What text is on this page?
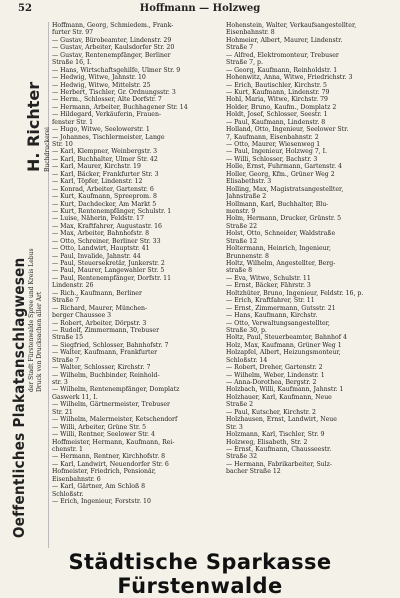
52	Hoffmann — Holzweg
Oeffentliches Plakatanschlagwesen der Stadt Fürstenwalde Spree und Kreis Lebus Druck von Drucksachen aller Art
H. Richter Buchdruckerei
Hoffmann, Georg, Schmiedem., Frank-
furter Str. 97
— Gustav, Bürobeamter, Lindenstr. 29
— Gustav, Arbeiter, Kaulsdorfer Str. 20
— Gustav, Rentenempfänger, Berliner
Straße 16, I.
— Hans, Wirtschaftsgehilfe, Ulmer Str. 9
— Hedwig, Witwe, Jahnstr. 10
— Hedwig, Witwe, Mittelstr. 25
— Herbert, Tischler, Gr. Ordnungsstr. 3
— Herm., Schlosser, Alte Dorfstr. 7
— Hermann, Arbeiter, Buchhagener Str. 14
— Hildegard, Verkäuferin, Frauen-
fenster Str. 1
— Hugo, Witwe, Seelowerstr. 1
— Johannes, Tischlermeister, Lange
Str. 10
— Karl, Klempner, Weinbergstr. 3
— Karl, Buchhalter, Ulmer Str. 42
— Karl, Maurer, Kirchstr. 19
— Karl, Bäcker, Frankfurter Str. 3
— Karl, Töpfer, Lindenstr. 12
— Konrad, Arbeiter, Gartenstr. 6
— Kurt, Kaufmann, Spreeprom. 8
— Kurt, Dachdecker, Am Markt 5
— Kurt, Rentenempfänger, Schulstr. 1
— Luise, Näherin, Feldstr. 17
— Max, Kraftfahrer, Augustastr. 16
— Max, Arbeiter, Bahnhofstr. 8
— Otto, Schreiner, Berliner Str. 33
— Otto, Landwirt, Hauptstr. 41
— Paul, Invalide, Jahnstr. 44
— Paul, Steuersekretär, Junkerstr. 2
— Paul, Maurer, Langewahler Str. 5
— Paul, Rentenempfänger, Dorfstr. 11
Lindenstr. 26
— Rich., Kaufmann, Berliner
Straße 7
— Richard, Maurer, München-
berger Chaussee 3
— Robert, Arbeiter, Dörpstr. 3
— Rudolf, Zimmermann, Trebuser
Straße 15
— Siegfried, Schlosser, Bahnhofstr. 7
— Walter, Kaufmann, Frankfurter
Straße 7
— Walter, Schlosser, Kirchstr. 7
— Wilhelm, Buchbinder, Reinhold-
str. 3
— Wilhelm, Rentenempfänger, Domplatz
Gaswerk 11, I.
— Wilhelm, Gärtnermeister, Trebuser
Str. 21
— Wilhelm, Malermeister, Ketschendorf
— Willi, Arbeiter, Grüne Str. 5
— Willi, Rentner, Seelower Str. 4
Hoffmeister, Hermann, Kaufmann, Rei-
chenstr. 1
— Hermann, Rentner, Kirchhofstr. 8
— Karl, Landwirt, Neuendorfer Str. 6
Hofmeister, Friedrich, Pensionär,
Eisenbahnstr. 6
— Karl, Gärtner, Am Schloß 8
Schloßstr.
— Erich, Ingenieur, Forststr. 10
Hohenstein, Walter, Verkaufsangestellter,
Eisenbahnstr. 8
Hohmeier, Albert, Maurer, Lindenstr.
Straße 7
— Alfred, Elektromonteur, Trebuser
Straße 7, p.
— Georg, Kaufmann, Reinholdstr. 1
Hohenwitz, Anna, Witwe, Friedrichstr. 3
— Erich, Bautischler, Kirchstr. 5
— Kurt, Kaufmann, Lindenstr. 79
Hohl, Maria, Witwe, Kirchstr. 79
Holder, Bruno, Kaufm., Domplatz 2
Holdt, Josef, Schlosser, Seestr. 1
— Paul, Kaufmann, Lindenstr. 8
Holland, Otto, Ingenieur, Seelower Str.
7, Kaufmann, Eisenbahnstr. 2
— Otto, Maurer, Wiesenweg 1
— Paul, Ingenieur, Holzweg 7, I.
— Willi, Schlosser, Bachstr. 3
Holle, Ernst, Fuhrmann, Gartenstr. 4
Holler, Georg, Kfm., Grüner Weg 2
Elisabethstr. 3
Holling, Max, Magistratsangestellter,
Jahnstraße 2
Hollmann, Karl, Buchhalter, Blu-
menstr. 9
Holm, Hermann, Drucker, Grünstr. 5
Straße 22
Holst, Otto, Schneider, Waldstraße
Straße 12
Holtermann, Heinrich, Ingenieur,
Brunnenstr. 8
Holtz, Wilhelm, Angestellter, Berg-
straße 8
— Eva, Witwe, Schulstr. 11
— Ernst, Bäcker, Fährstr. 3
Holtzhüter, Bruno, Ingenieur, Feldstr. 16, p.
— Erich, Kraftfahrer, Str. 11
— Ernst, Zimmermann, Gutsstr. 21
— Hans, Kaufmann, Kirchstr.
— Otto, Verwaltungsangestellter,
Straße 30, p.
Holtz, Paul, Steuerbeamter, Bahnhof 4
Holz, Max, Kaufmann, Grüner Weg 1
Holzapfel, Albert, Heizungsmonteur,
Schloßstr. 14
— Robert, Dreher, Gartenstr. 2
— Wilhelm, Weber, Lindenstr. 1
— Anna-Dorothea, Bergstr. 2
Holzbach, Willi, Kaufmann, Jahnstr. 1
Holzhauer, Karl, Kaufmann, Neue
Straße 2
— Paul, Kutscher, Kirchstr. 2
Holzhausen, Ernst, Landwirt, Neue
Str. 3
Holzmann, Karl, Tischler, Str. 9
Holzweg, Elisabeth, Str. 2
— Ernst, Kaufmann, Chausseestr.
Straße 32
— Hermann, Fabrikarbeiter, Sulz-
bacher Straße 12
Städtische Sparkasse Fürstenwalde
